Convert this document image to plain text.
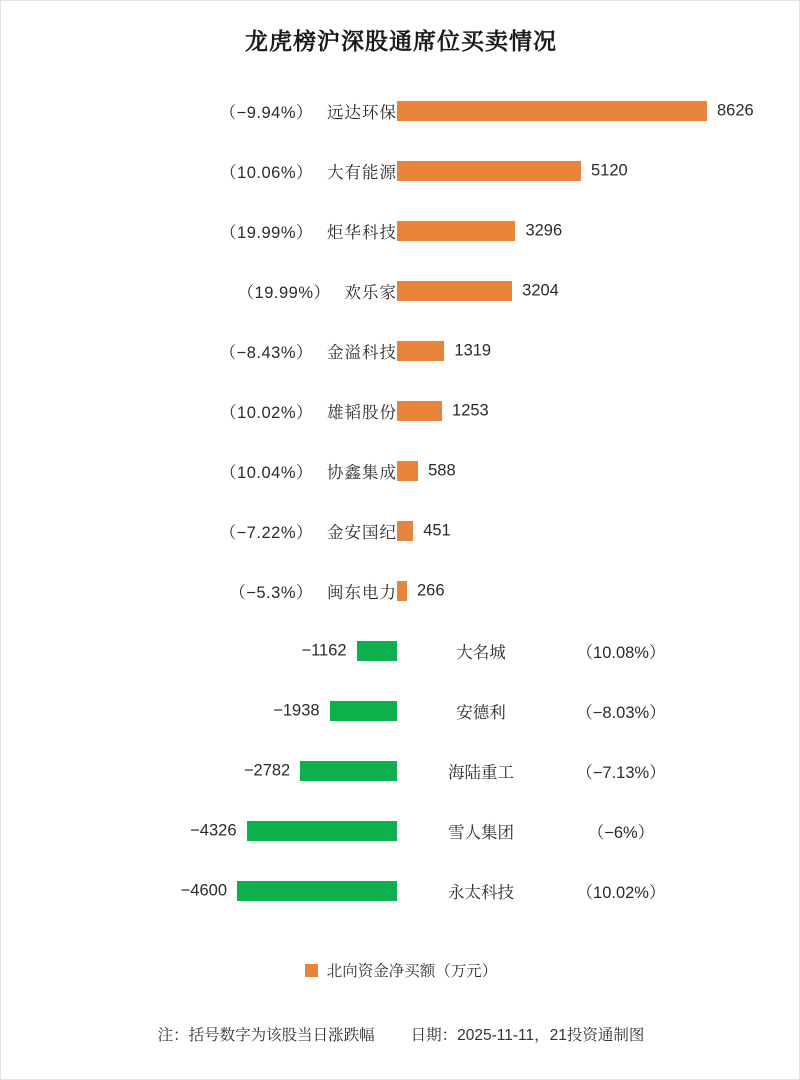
龙虎榜沪深股通席位买卖情况
（−9.94%） 远达环保	8626
（10.06%） 大有能源	5120
（19.99%） 炬华科技	3296
（19.99%） 欢乐家	3204
（−8.43%） 金溢科技	1319
（10.02%） 雄韬股份	1253
（10.04%） 协鑫集成 588
（−7.22%） 金安国纪 451
（−5.3%） 闽东电力 266
−1162	大名城	（10.08%）
−1938	安德利	（−8.03%）
−2782	海陆重工	（−7.13%）
−4326	雪人集团	（−6%）
−4600	永太科技	（10.02%）
北向资金净买额（万元）
注：括号数字为该股当日涨跌幅 日期：2025-11-11，21投资通制图
